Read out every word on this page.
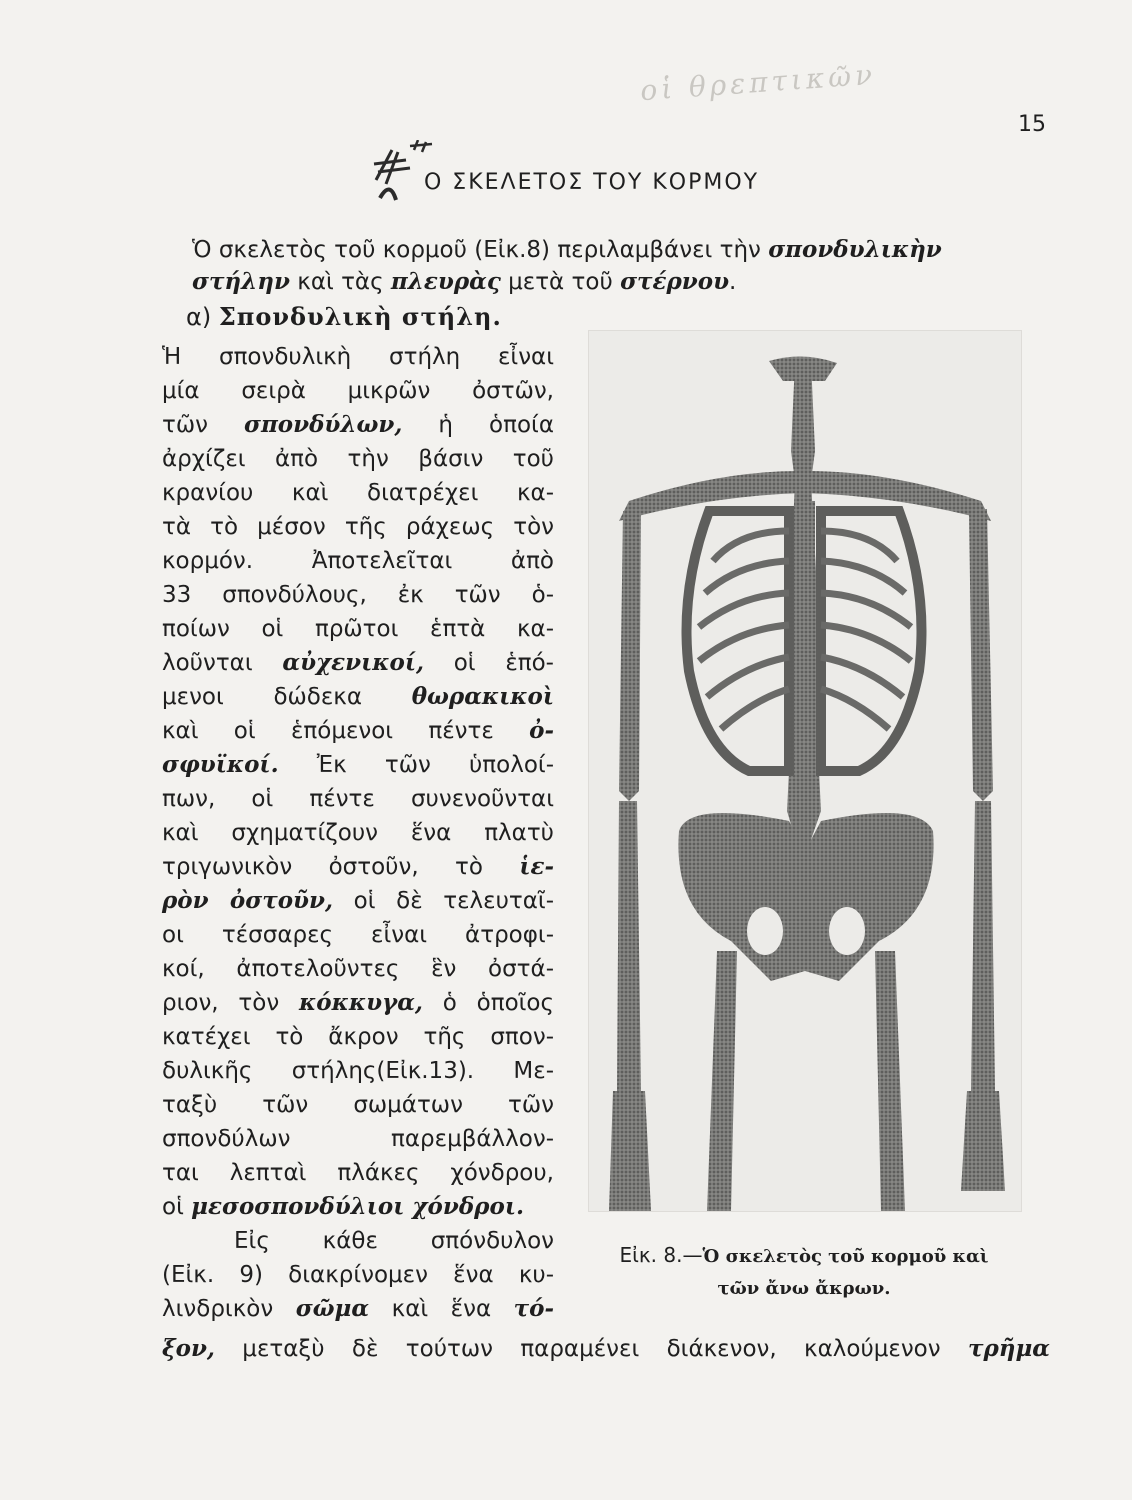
οἱ θρεπτικῶν
15
Ο ΣΚΕΛΕΤΟΣ ΤΟΥ ΚΟΡΜΟΥ
Ὁ σκελετὸς τοῦ κορμοῦ (Εἰκ.8) περιλαμβάνει τὴν σπονδυλικὴν
στήλην καὶ τὰς πλευρὰς μετὰ τοῦ στέρνου.
α) Σπονδυλικὴ στήλη.
Ἡ σπονδυλικὴ στήλη εἶναι
μία σειρὰ μικρῶν ὀστῶν,
τῶν σπονδύλων, ἡ ὁποία
ἀρχίζει ἀπὸ τὴν βάσιν τοῦ
κρανίου καὶ διατρέχει κα-
τὰ τὸ μέσον τῆς ράχεως τὸν
κορμόν. Ἀποτελεῖται ἀπὸ
33 σπονδύλους, ἐκ τῶν ὁ-
ποίων οἱ πρῶτοι ἑπτὰ κα-
λοῦνται αὐχενικοί, οἱ ἑπό-
μενοι δώδεκα θωρακικοὶ
καὶ οἱ ἑπόμενοι πέντε ὀ-
σφυϊκοί. Ἐκ τῶν ὑπολοί-
πων, οἱ πέντε συνενοῦνται
καὶ σχηματίζουν ἕνα πλατὺ
τριγωνικὸν ὀστοῦν, τὸ ἱε-
ρὸν ὀστοῦν, οἱ δὲ τελευταῖ-
οι τέσσαρες εἶναι ἀτροφι-
κοί, ἀποτελοῦντες ἓν ὀστά-
ριον, τὸν κόκκυγα, ὁ ὁποῖος
κατέχει τὸ ἄκρον τῆς σπον-
δυλικῆς στήλης(Εἰκ.13). Με-
ταξὺ τῶν σωμάτων τῶν
σπονδύλων παρεμβάλλον-
ται λεπταὶ πλάκες χόνδρου,
οἱ μεσοσπονδύλιοι χόνδροι.
Εἰς κάθε σπόνδυλον
(Εἰκ. 9) διακρίνομεν ἕνα κυ-
λινδρικὸν σῶμα καὶ ἕνα τό-
ξον, μεταξὺ δὲ τούτων παραμένει διάκενον, καλούμενον τρῆμα
Εἰκ. 8.—Ὁ σκελετὸς τοῦ κορμοῦ καὶ
τῶν ἄνω ἄκρων.
